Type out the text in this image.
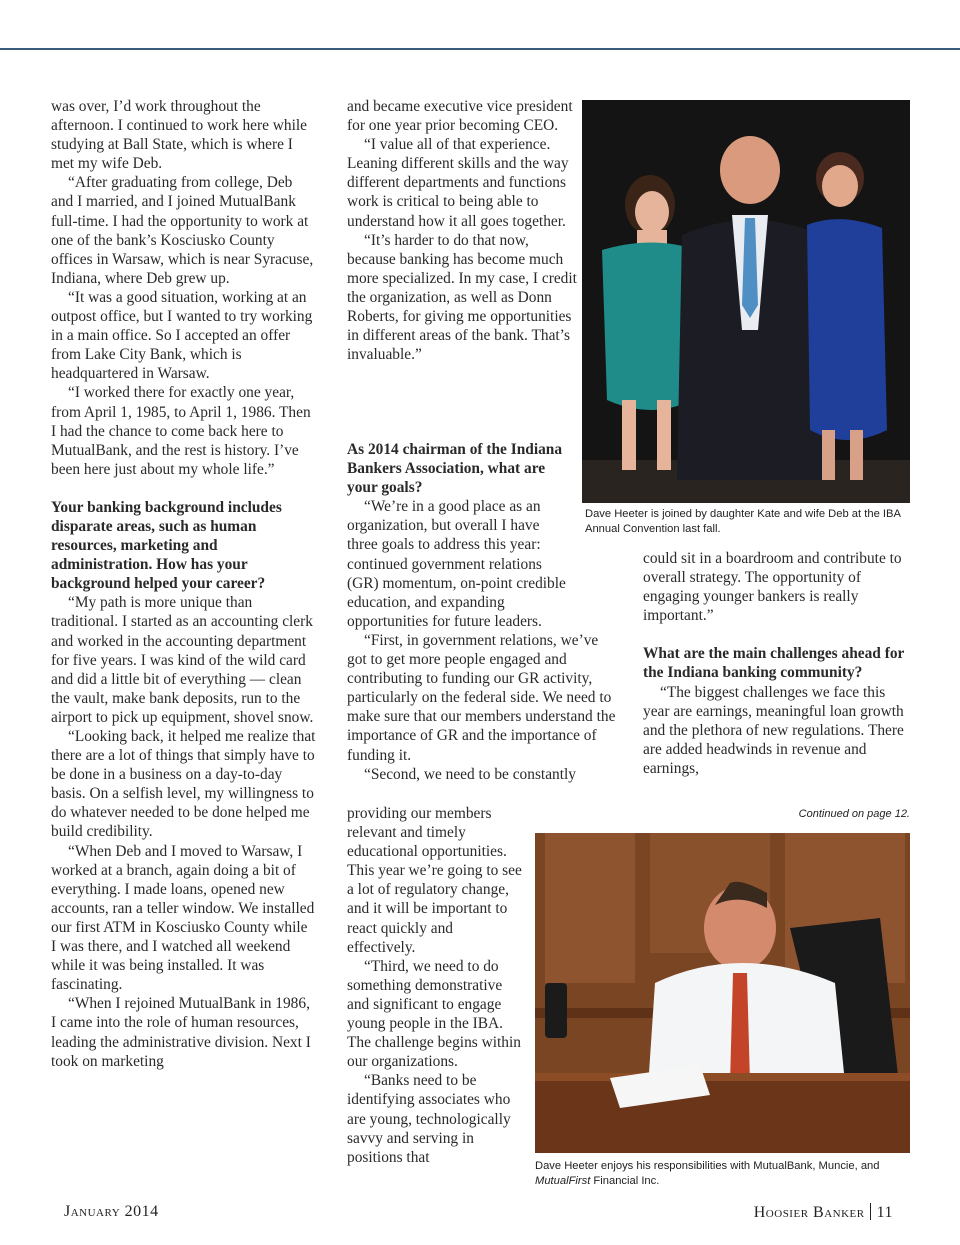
was over, I’d work throughout the afternoon. I continued to work here while studying at Ball State, which is where I met my wife Deb.

“After graduating from college, Deb and I married, and I joined MutualBank full-time. I had the opportunity to work at one of the bank’s Kosciusko County offices in Warsaw, which is near Syracuse, Indiana, where Deb grew up.

“It was a good situation, working at an outpost office, but I wanted to try working in a main office. So I accepted an offer from Lake City Bank, which is headquartered in Warsaw.

“I worked there for exactly one year, from April 1, 1985, to April 1, 1986. Then I had the chance to come back here to MutualBank, and the rest is history. I’ve been here just about my whole life.”

Your banking background includes disparate areas, such as human resources, marketing and administration. How has your background helped your career?

“My path is more unique than traditional. I started as an accounting clerk and worked in the accounting department for five years. I was kind of the wild card and did a little bit of everything — clean the vault, make bank deposits, run to the airport to pick up equipment, shovel snow.

“Looking back, it helped me realize that there are a lot of things that simply have to be done in a business on a day-to-day basis. On a selfish level, my willingness to do whatever needed to be done helped me build credibility.

“When Deb and I moved to Warsaw, I worked at a branch, again doing a bit of everything. I made loans, opened new accounts, ran a teller window. We installed our first ATM in Kosciusko County while I was there, and I watched all weekend while it was being installed. It was fascinating.

“When I rejoined MutualBank in 1986, I came into the role of human resources, leading the administrative division. Next I took on marketing

and became executive vice president for one year prior becoming CEO.

“I value all of that experience. Leaning different skills and the way different departments and functions work is critical to being able to understand how it all goes together.

“It’s harder to do that now, because banking has become much more specialized. In my case, I credit the organization, as well as Donn Roberts, for giving me opportunities in different areas of the bank. That’s invaluable.”

As 2014 chairman of the Indiana Bankers Association, what are your goals?

“We’re in a good place as an organization, but overall I have three goals to address this year: continued government relations (GR) momentum, on-point credible education, and expanding opportunities for future leaders.

“First, in government relations, we’ve got to get more people engaged and contributing to funding our GR activity, particularly on the federal side. We need to make sure that our members understand the importance of GR and the importance of funding it.

“Second, we need to be constantly

providing our members relevant and timely educational opportunities. This year we’re going to see a lot of regulatory change, and it will be important to react quickly and effectively.

“Third, we need to do something demonstrative and significant to engage young people in the IBA. The challenge begins within our organizations.

“Banks need to be identifying associates who are young, technologically savvy and serving in positions that

Dave Heeter is joined by daughter Kate and wife Deb at the IBA Annual Convention last fall.

could sit in a boardroom and contribute to overall strategy. The opportunity of engaging younger bankers is really important.”

What are the main challenges ahead for the Indiana banking community?

“The biggest challenges we face this year are earnings, meaningful loan growth and the plethora of new regulations. There are added headwinds in revenue and earnings,

Continued on page 12.
Dave Heeter enjoys his responsibilities with MutualBank, Muncie, and MutualFirst Financial Inc.
January 2014	Hoosier Banker 11
